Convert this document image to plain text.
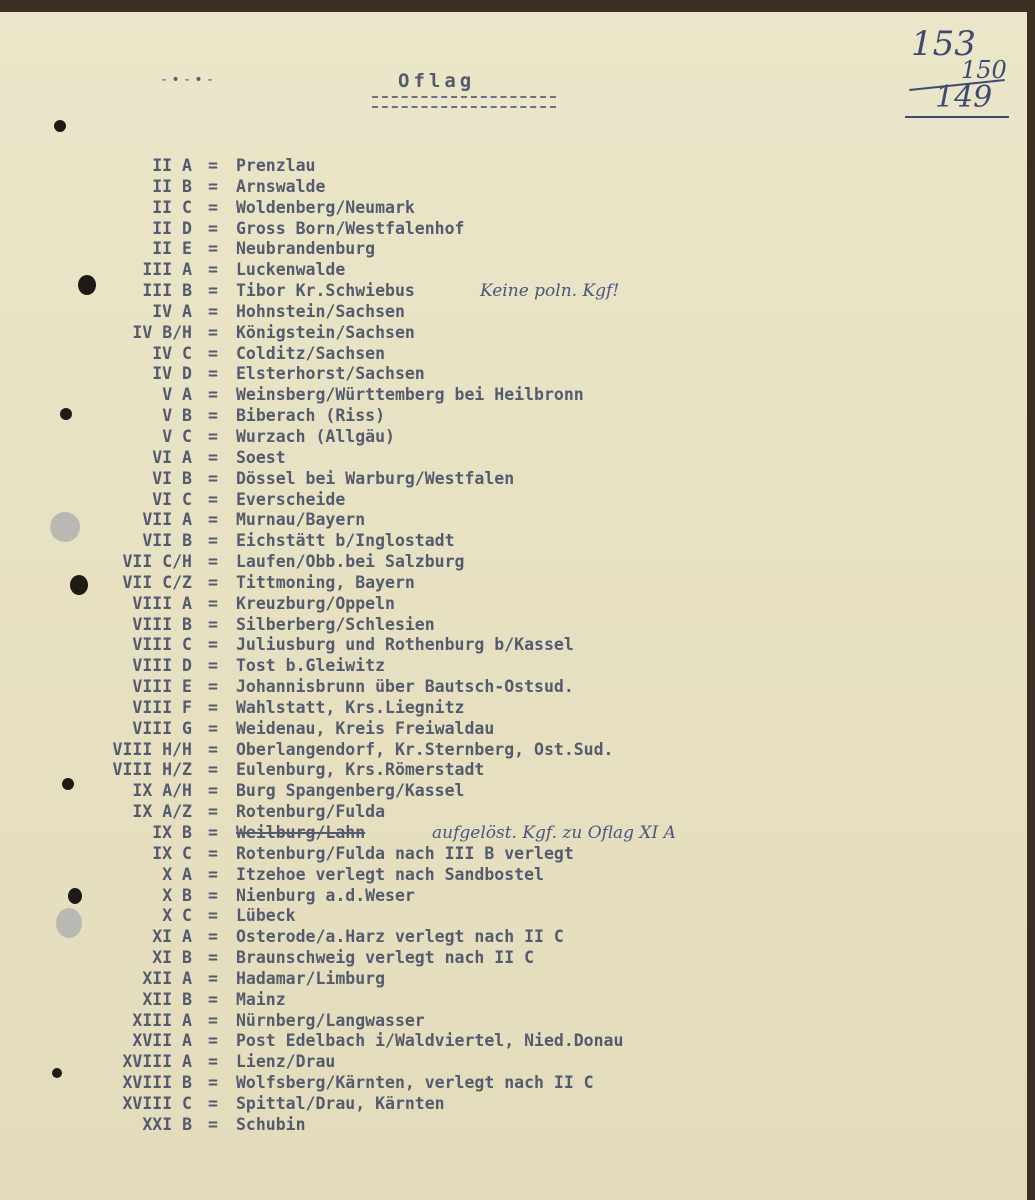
-•-•-	Oflag
153
150
149
II A = Prenzlau
II B = Arnswalde
II C = Woldenberg/Neumark
II D = Gross Born/Westfalenhof
II E = Neubrandenburg
III A = Luckenwalde
III B = Tibor Kr.Schwiebus	Keine poln. Kgf!
IV A = Hohnstein/Sachsen
IV B/H = Königstein/Sachsen
IV C = Colditz/Sachsen
IV D = Elsterhorst/Sachsen
V A = Weinsberg/Württemberg bei Heilbronn
V B = Biberach (Riss)
V C = Wurzach (Allgäu)
VI A = Soest
VI B = Dössel bei Warburg/Westfalen
VI C = Everscheide
VII A = Murnau/Bayern
VII B = Eichstätt b/Inglostadt
VII C/H = Laufen/Obb.bei Salzburg
VII C/Z = Tittmoning, Bayern
VIII A = Kreuzburg/Oppeln
VIII B = Silberberg/Schlesien
VIII C = Juliusburg und Rothenburg b/Kassel
VIII D = Tost b.Gleiwitz
VIII E = Johannisbrunn über Bautsch-Ostsud.
VIII F = Wahlstatt, Krs.Liegnitz
VIII G = Weidenau, Kreis Freiwaldau
VIII H/H = Oberlangendorf, Kr.Sternberg, Ost.Sud.
VIII H/Z = Eulenburg, Krs.Römerstadt
IX A/H = Burg Spangenberg/Kassel
IX A/Z = Rotenburg/Fulda
IX B = Weilburg/Lahn	aufgelöst. Kgf. zu Oflag XI A
IX C = Rotenburg/Fulda nach III B verlegt
X A = Itzehoe verlegt nach Sandbostel
X B = Nienburg a.d.Weser
X C = Lübeck
XI A = Osterode/a.Harz verlegt nach II C
XI B = Braunschweig verlegt nach II C
XII A = Hadamar/Limburg
XII B = Mainz
XIII A = Nürnberg/Langwasser
XVII A = Post Edelbach i/Waldviertel, Nied.Donau
XVIII A = Lienz/Drau
XVIII B = Wolfsberg/Kärnten, verlegt nach II C
XVIII C = Spittal/Drau, Kärnten
XXI B = Schubin
